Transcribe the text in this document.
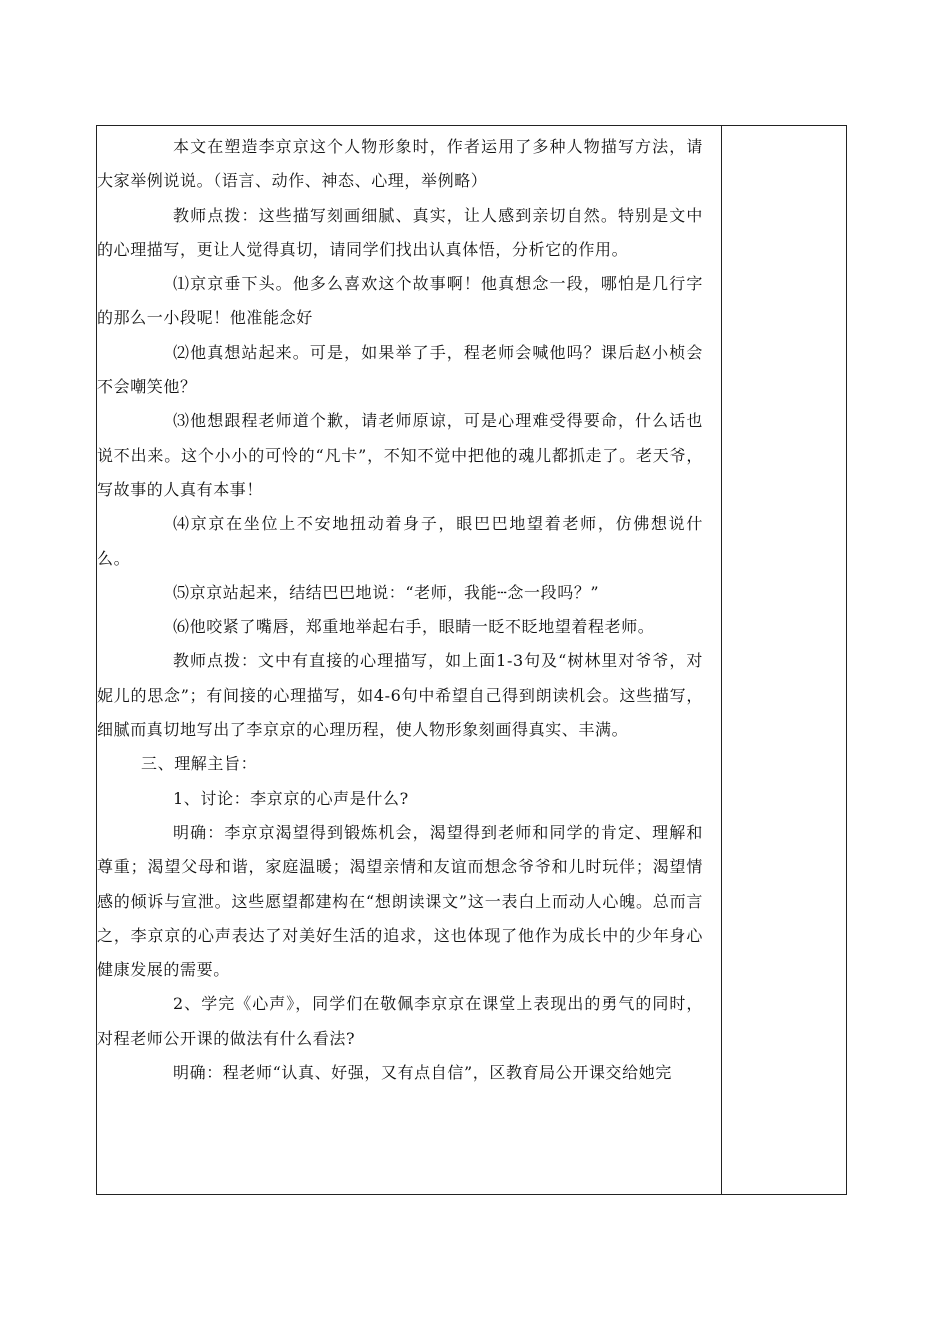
本文在塑造李京京这个人物形象时，作者运用了多种人物描写方法，请大家举例说说。（语言、动作、神态、心理，举例略）

教师点拨：这些描写刻画细腻、真实，让人感到亲切自然。特别是文中的心理描写，更让人觉得真切，请同学们找出认真体悟，分析它的作用。

⑴京京垂下头。他多么喜欢这个故事啊！他真想念一段，哪怕是几行字的那么一小段呢！他准能念好

⑵他真想站起来。可是，如果举了手，程老师会喊他吗？课后赵小桢会不会嘲笑他？

⑶他想跟程老师道个歉，请老师原谅，可是心理难受得要命，什么话也说不出来。这个小小的可怜的“凡卡”，不知不觉中把他的魂儿都抓走了。老天爷，写故事的人真有本事！

⑷京京在坐位上不安地扭动着身子，眼巴巴地望着老师，仿佛想说什么。

⑸京京站起来，结结巴巴地说：“老师，我能┄念一段吗？”

⑹他咬紧了嘴唇，郑重地举起右手，眼睛一眨不眨地望着程老师。

教师点拨：文中有直接的心理描写，如上面1-3句及“树林里对爷爷，对妮儿的思念”；有间接的心理描写，如4-6句中希望自己得到朗读机会。这些描写，细腻而真切地写出了李京京的心理历程，使人物形象刻画得真实、丰满。

三、理解主旨：

1、讨论：李京京的心声是什么?

明确：李京京渴望得到锻炼机会，渴望得到老师和同学的肯定、理解和尊重；渴望父母和谐，家庭温暖；渴望亲情和友谊而想念爷爷和儿时玩伴；渴望情感的倾诉与宣泄。这些愿望都建构在“想朗读课文”这一表白上而动人心魄。总而言之，李京京的心声表达了对美好生活的追求，这也体现了他作为成长中的少年身心健康发展的需要。

2、学完《心声》，同学们在敬佩李京京在课堂上表现出的勇气的同时，对程老师公开课的做法有什么看法?

明确：程老师“认真、好强，又有点自信”，区教育局公开课交给她完
